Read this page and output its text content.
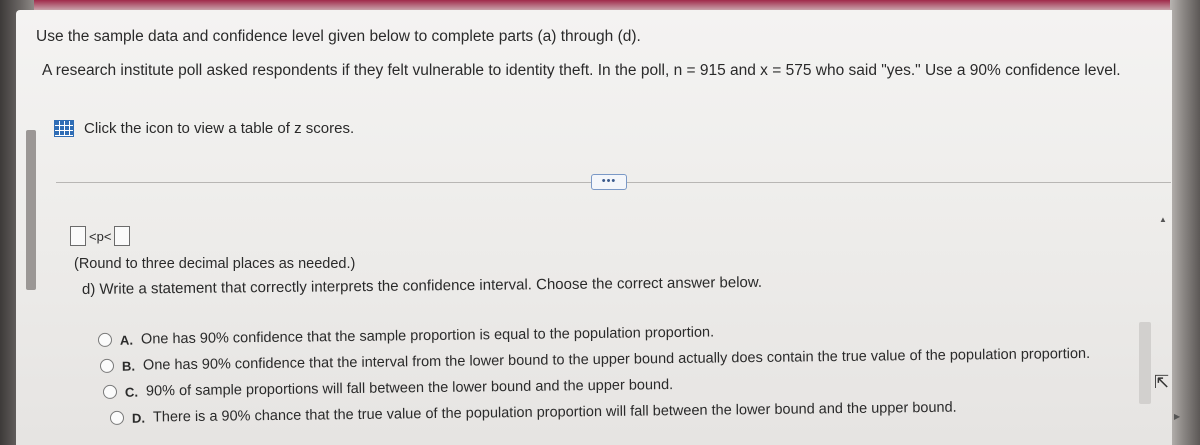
Use the sample data and confidence level given below to complete parts (a) through (d).
A research institute poll asked respondents if they felt vulnerable to identity theft. In the poll, n = 915 and x = 575 who said "yes." Use a 90% confidence level.
Click the icon to view a table of z scores.
•••
<p<
(Round to three decimal places as needed.)
d) Write a statement that correctly interprets the confidence interval. Choose the correct answer below.
A. One has 90% confidence that the sample proportion is equal to the population proportion.
B. One has 90% confidence that the interval from the lower bound to the upper bound actually does contain the true value of the population proportion.
C. 90% of sample proportions will fall between the lower bound and the upper bound.
D. There is a 90% chance that the true value of the population proportion will fall between the lower bound and the upper bound.
▲
▶
⇱
